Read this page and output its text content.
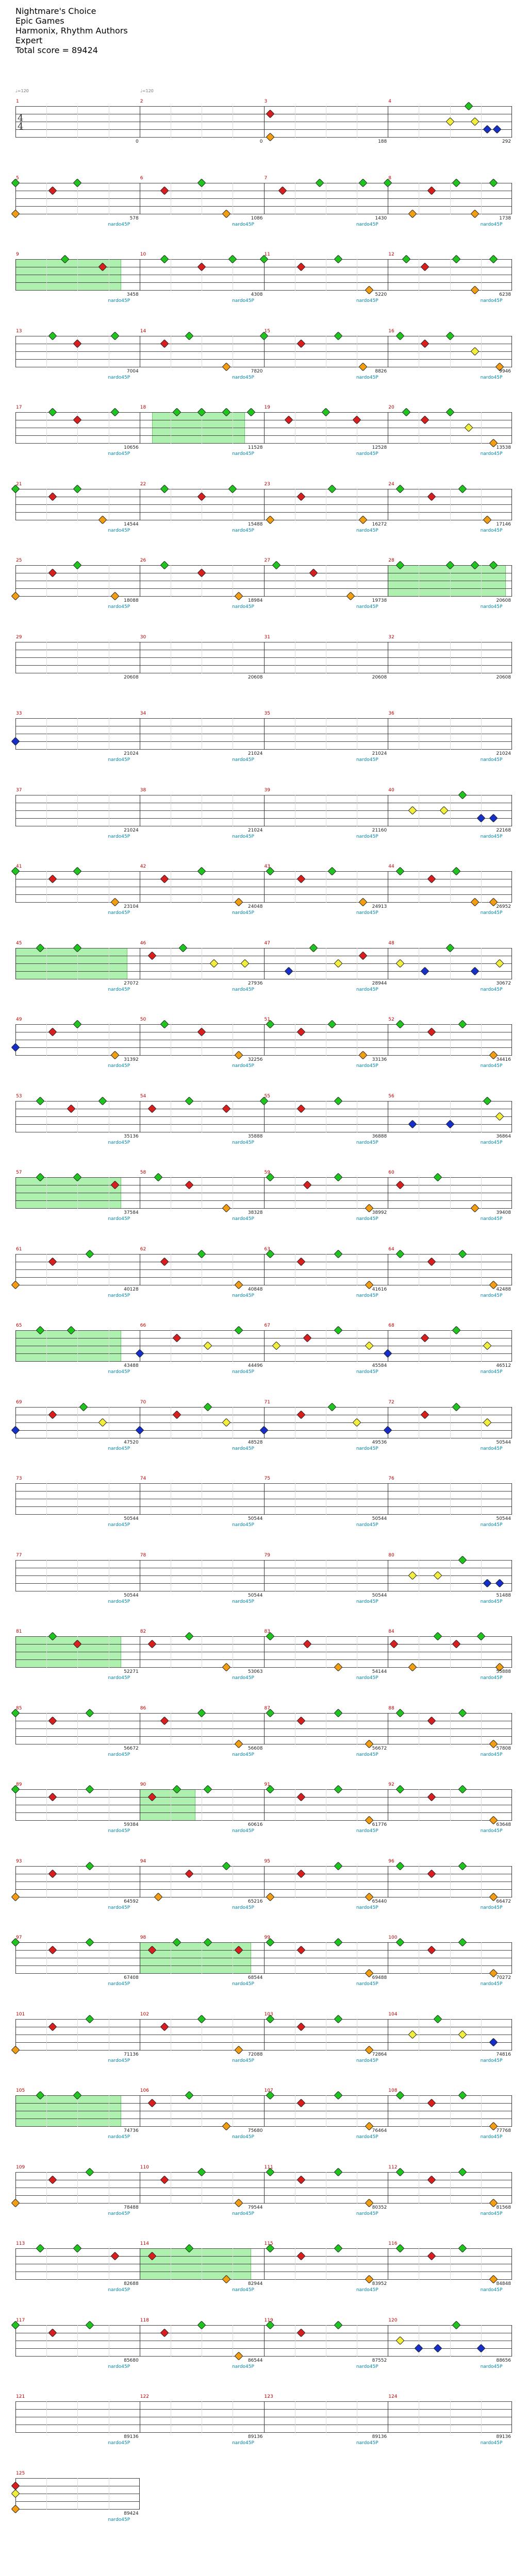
Nightmare's Choice
Epic Games
Harmonix, Rhythm Authors
Expert
Total score = 89424
♩=120	♩=120
4
4
1
0
2
0
3
188
4
292
5
578
nardo45P
6
1086
nardo45P
7
1430
nardo45P
8
1738
nardo45P
9
3458
nardo45P
10
4308
nardo45P
11
5220
nardo45P
12
6238
nardo45P
13
7004
nardo45P
14
7820
nardo45P
15
8826
nardo45P
16
9946
nardo45P
17
10656
nardo45P
18
11528
nardo45P
19
12528
nardo45P
20
13538
nardo45P
21
14544
nardo45P
22
15488
nardo45P
23
16272
nardo45P
24
17146
nardo45P
25
18088
nardo45P
26
18984
nardo45P
27
19738
nardo45P
28
20608
nardo45P
29
20608
30
20608
31
20608
32
20608
33
21024
nardo45P
34
21024
nardo45P
35
21024
nardo45P
36
21024
nardo45P
37
21024
nardo45P
38
21024
nardo45P
39
21160
nardo45P
40
22168
nardo45P
41
23104
nardo45P
42
24048
nardo45P
43
24913
nardo45P
44
26952
nardo45P
45
27072
nardo45P
46
27936
nardo45P
47
28944
nardo45P
48
30672
nardo45P
49
31392
nardo45P
50
32256
nardo45P
51
33136
nardo45P
52
34416
nardo45P
53
35136
nardo45P
54
35888
nardo45P
55
36888
nardo45P
56
36864
nardo45P
57
37584
nardo45P
58
38328
nardo45P
59
38992
nardo45P
60
39408
nardo45P
61
40128
nardo45P
62
40848
nardo45P
63
41616
nardo45P
64
42488
nardo45P
65
43488
nardo45P
66
44496
nardo45P
67
45584
nardo45P
68
46512
nardo45P
69
47520
nardo45P
70
48528
nardo45P
71
49536
nardo45P
72
50544
nardo45P
73
50544
nardo45P
74
50544
nardo45P
75
50544
nardo45P
76
50544
nardo45P
77
50544
nardo45P
78
50544
nardo45P
79
50544
nardo45P
80
51488
nardo45P
81
52271
nardo45P
82
53063
nardo45P
83
54144
nardo45P
84
55888
nardo45P
85
56672
nardo45P
86
56608
nardo45P
87
56672
nardo45P
88
57808
nardo45P
89
59384
nardo45P
90
60616
nardo45P
91
61776
nardo45P
92
63648
nardo45P
93
64592
nardo45P
94
65216
nardo45P
95
65440
nardo45P
96
66472
nardo45P
97
67408
nardo45P
98
68544
nardo45P
99
69488
nardo45P
100
70272
nardo45P
101
71136
nardo45P
102
72088
nardo45P
103
72864
nardo45P
104
74816
nardo45P
105
74736
nardo45P
106
75680
nardo45P
107
76464
nardo45P
108
77768
nardo45P
109
78488
nardo45P
110
79544
nardo45P
111
80352
nardo45P
112
81568
nardo45P
113
82688
nardo45P
114
82944
nardo45P
115
83952
nardo45P
116
84848
nardo45P
117
85680
nardo45P
118
86544
nardo45P
119
87552
nardo45P
120
88656
nardo45P
121
89136
nardo45P
122
89136
nardo45P
123
89136
nardo45P
124
89136
nardo45P
125
89424
nardo45P
